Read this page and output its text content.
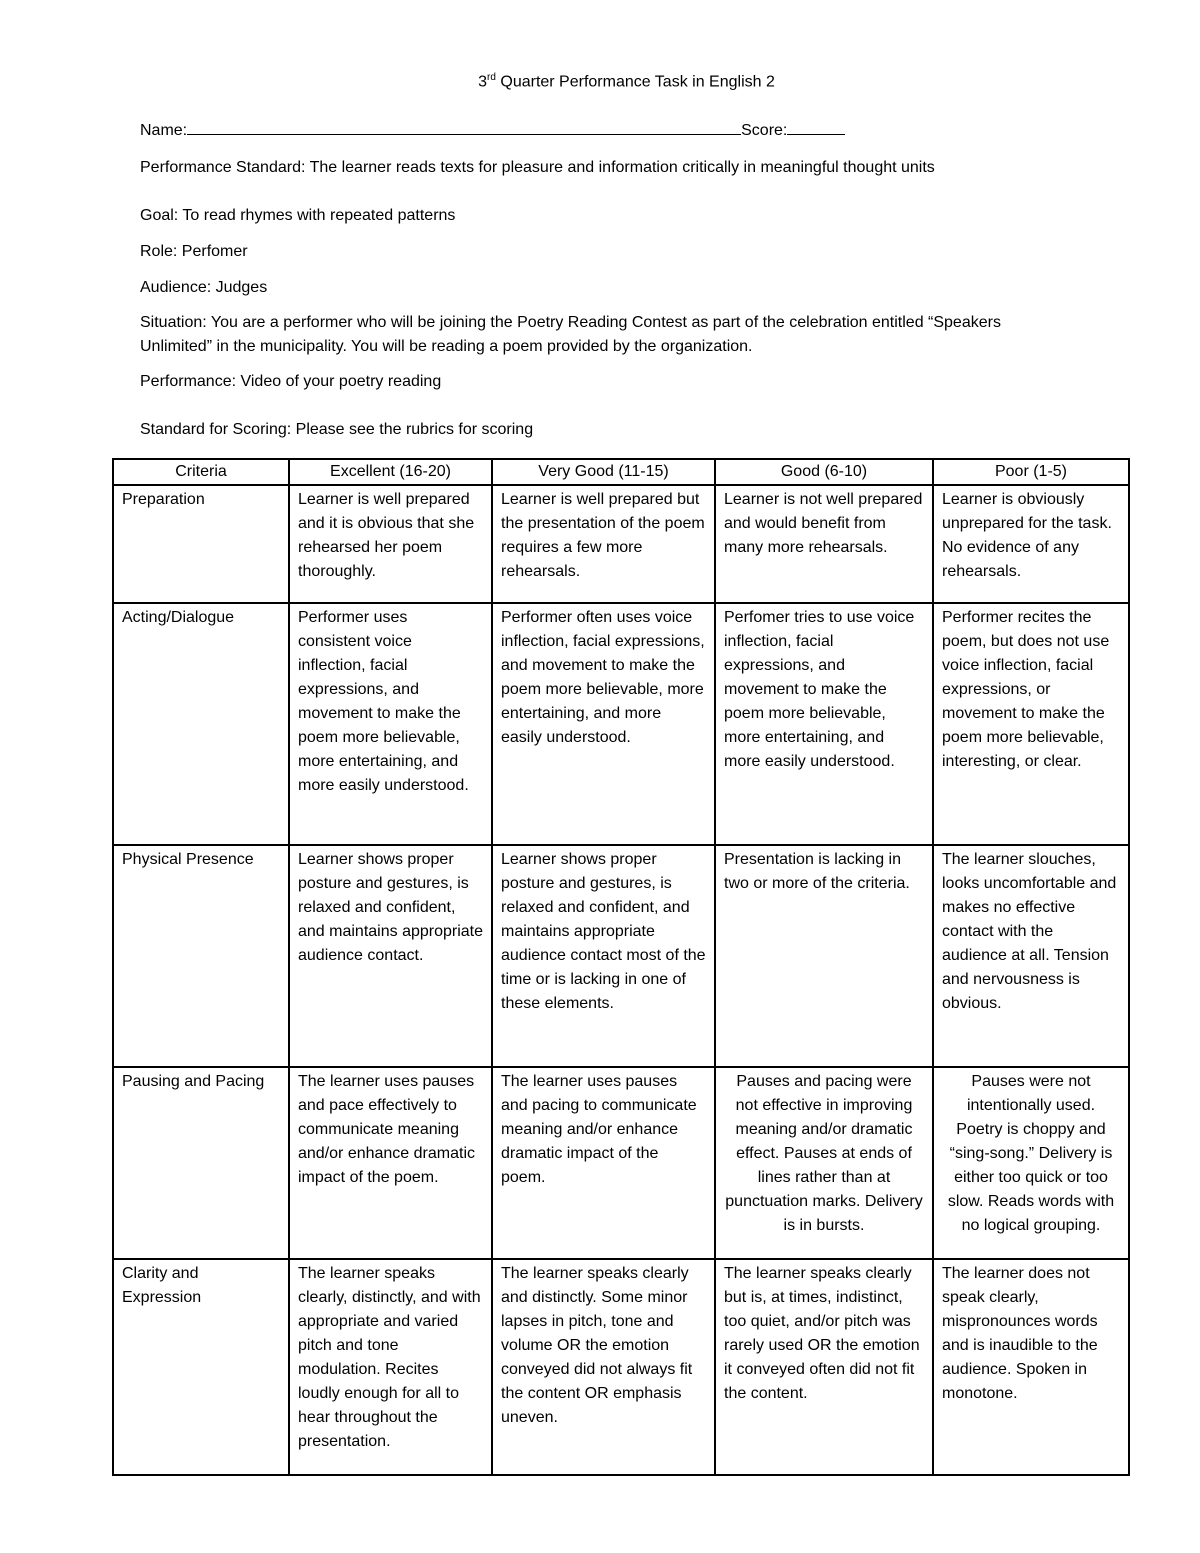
3rd Quarter Performance Task in English 2
Name:	Score:
Performance Standard: The learner reads texts for pleasure and information critically in meaningful thought units
Goal: To read rhymes with repeated patterns
Role: Perfomer
Audience: Judges
Situation: You are a performer who will be joining the Poetry Reading Contest as part of the celebration entitled “Speakers
Unlimited” in the municipality. You will be reading a poem provided by the organization.
Performance: Video of your poetry reading
Standard for Scoring: Please see the rubrics for scoring
Criteria	Excellent (16-20)	Very Good (11-15)	Good (6-10)	Poor (1-5)
Preparation	Learner is well prepared and it is obvious that she rehearsed her poem thoroughly.	Learner is well prepared but the presentation of the poem requires a few more rehearsals.	Learner is not well prepared and would benefit from many more rehearsals.	Learner is obviously unprepared for the task. No evidence of any rehearsals.
Acting/Dialogue	Performer uses consistent voice inflection, facial expressions, and movement to make the poem more believable, more entertaining, and more easily understood.	Performer often uses voice inflection, facial expressions, and movement to make the poem more believable, more entertaining, and more easily understood.	Perfomer tries to use voice inflection, facial expressions, and movement to make the poem more believable, more entertaining, and more easily understood.	Performer recites the poem, but does not use voice inflection, facial expressions, or movement to make the poem more believable, interesting, or clear.
Physical Presence	Learner shows proper posture and gestures, is relaxed and confident, and maintains appropriate audience contact.	Learner shows proper posture and gestures, is relaxed and confident, and maintains appropriate audience contact most of the time or is lacking in one of these elements.	Presentation is lacking in two or more of the criteria.	The learner slouches, looks uncomfortable and makes no effective contact with the audience at all. Tension and nervousness is obvious.
Pausing and Pacing	The learner uses pauses and pace effectively to communicate meaning and/or enhance dramatic impact of the poem.	The learner uses pauses and pacing to communicate meaning and/or enhance dramatic impact of the poem.	Pauses and pacing were not effective in improving meaning and/or dramatic effect. Pauses at ends of lines rather than at punctuation marks. Delivery is in bursts.	Pauses were not intentionally used. Poetry is choppy and “sing-song.” Delivery is either too quick or too slow. Reads words with no logical grouping.
Clarity and Expression	The learner speaks clearly, distinctly, and with appropriate and varied pitch and tone modulation. Recites loudly enough for all to hear throughout the presentation.	The learner speaks clearly and distinctly. Some minor lapses in pitch, tone and volume OR the emotion conveyed did not always fit the content OR emphasis uneven.	The learner speaks clearly but is, at times, indistinct, too quiet, and/or pitch was rarely used OR the emotion it conveyed often did not fit the content.	The learner does not speak clearly, mispronounces words and is inaudible to the audience. Spoken in monotone.
